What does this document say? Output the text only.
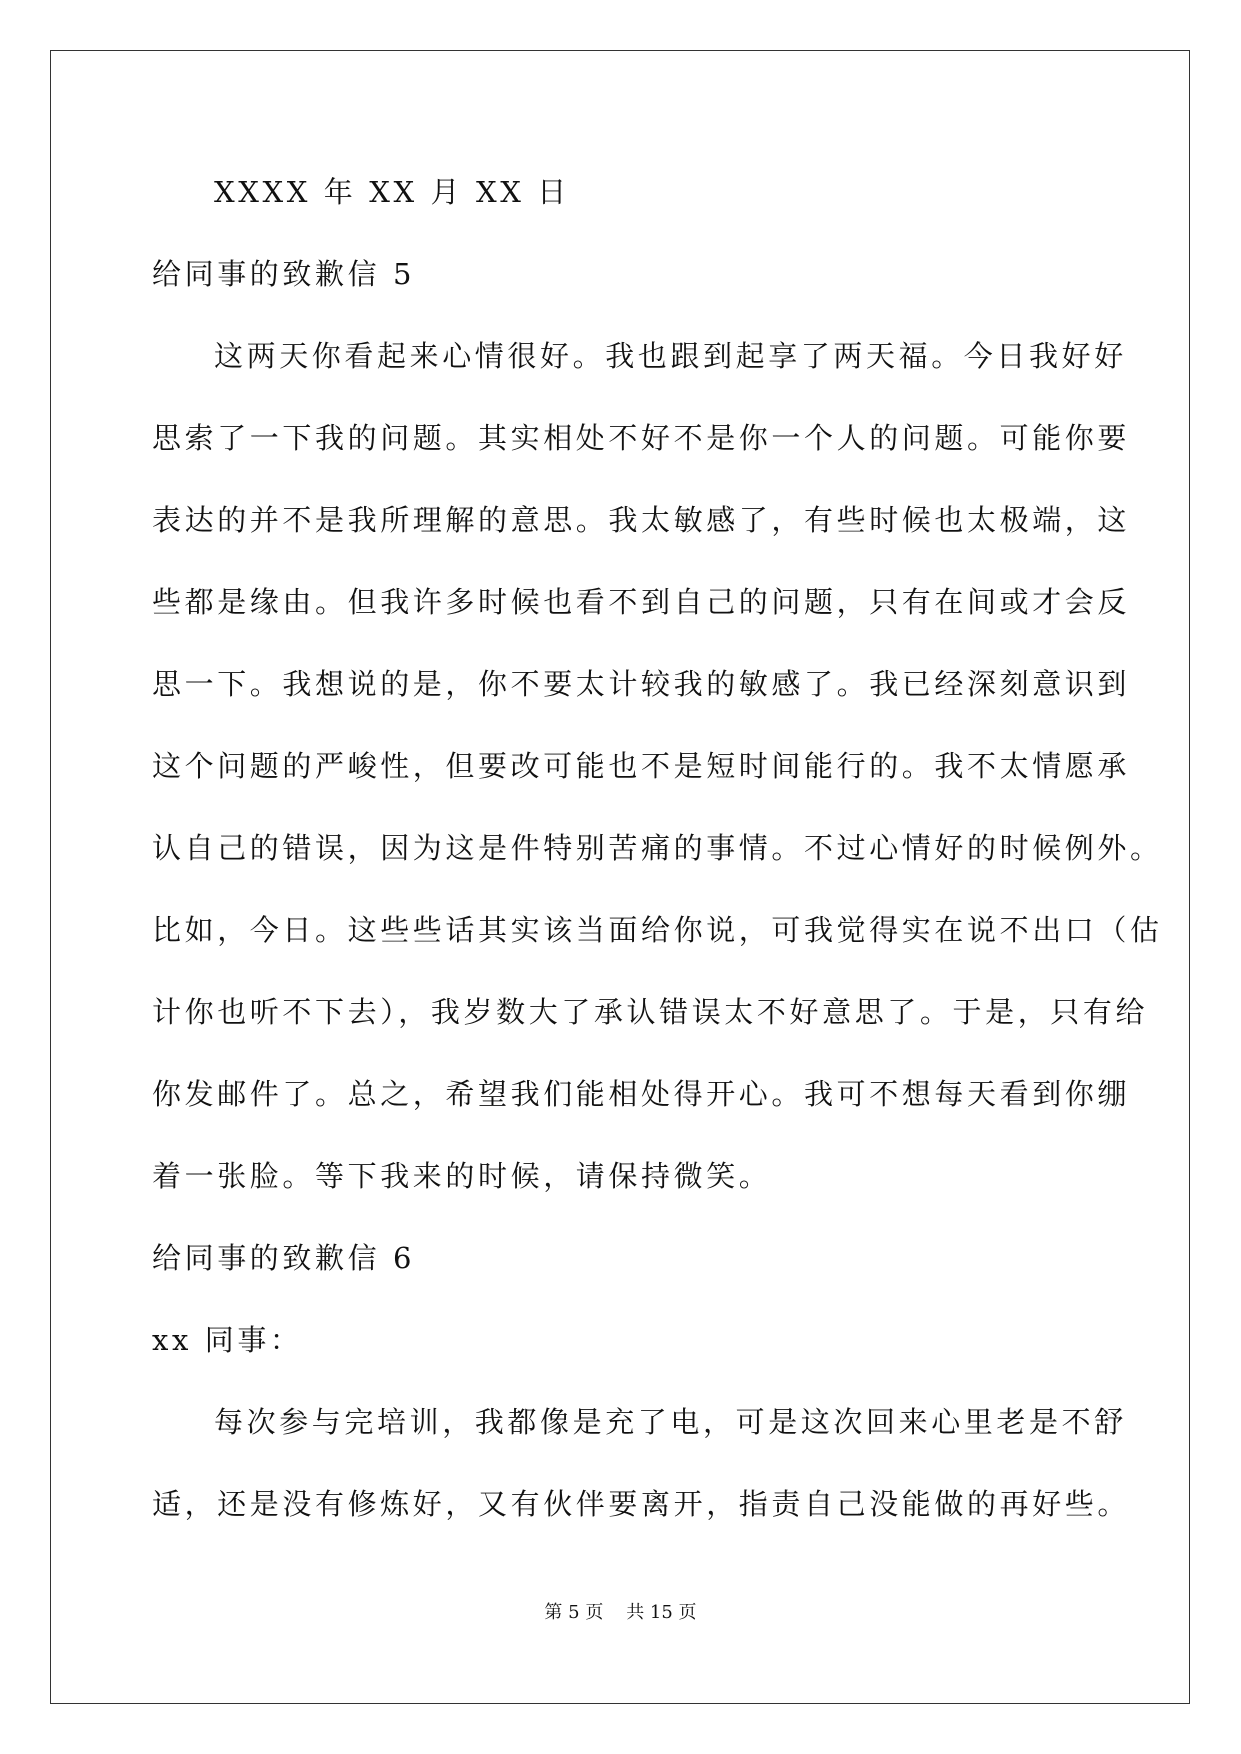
XXXX 年 XX 月 XX 日
给同事的致歉信 5
这两天你看起来心情很好。我也跟到起享了两天福。今日我好好
思索了一下我的问题。其实相处不好不是你一个人的问题。可能你要
表达的并不是我所理解的意思。我太敏感了，有些时候也太极端，这
些都是缘由。但我许多时候也看不到自己的问题，只有在间或才会反
思一下。我想说的是，你不要太计较我的敏感了。我已经深刻意识到
这个问题的严峻性，但要改可能也不是短时间能行的。我不太情愿承
认自己的错误，因为这是件特别苦痛的事情。不过心情好的时候例外。
比如，今日。这些些话其实该当面给你说，可我觉得实在说不出口（估
计你也听不下去），我岁数大了承认错误太不好意思了。于是，只有给
你发邮件了。总之，希望我们能相处得开心。我可不想每天看到你绷
着一张脸。等下我来的时候，请保持微笑。
给同事的致歉信 6
xx 同事：
每次参与完培训，我都像是充了电，可是这次回来心里老是不舒
适，还是没有修炼好，又有伙伴要离开，指责自己没能做的再好些。
第 5 页    共 15 页
